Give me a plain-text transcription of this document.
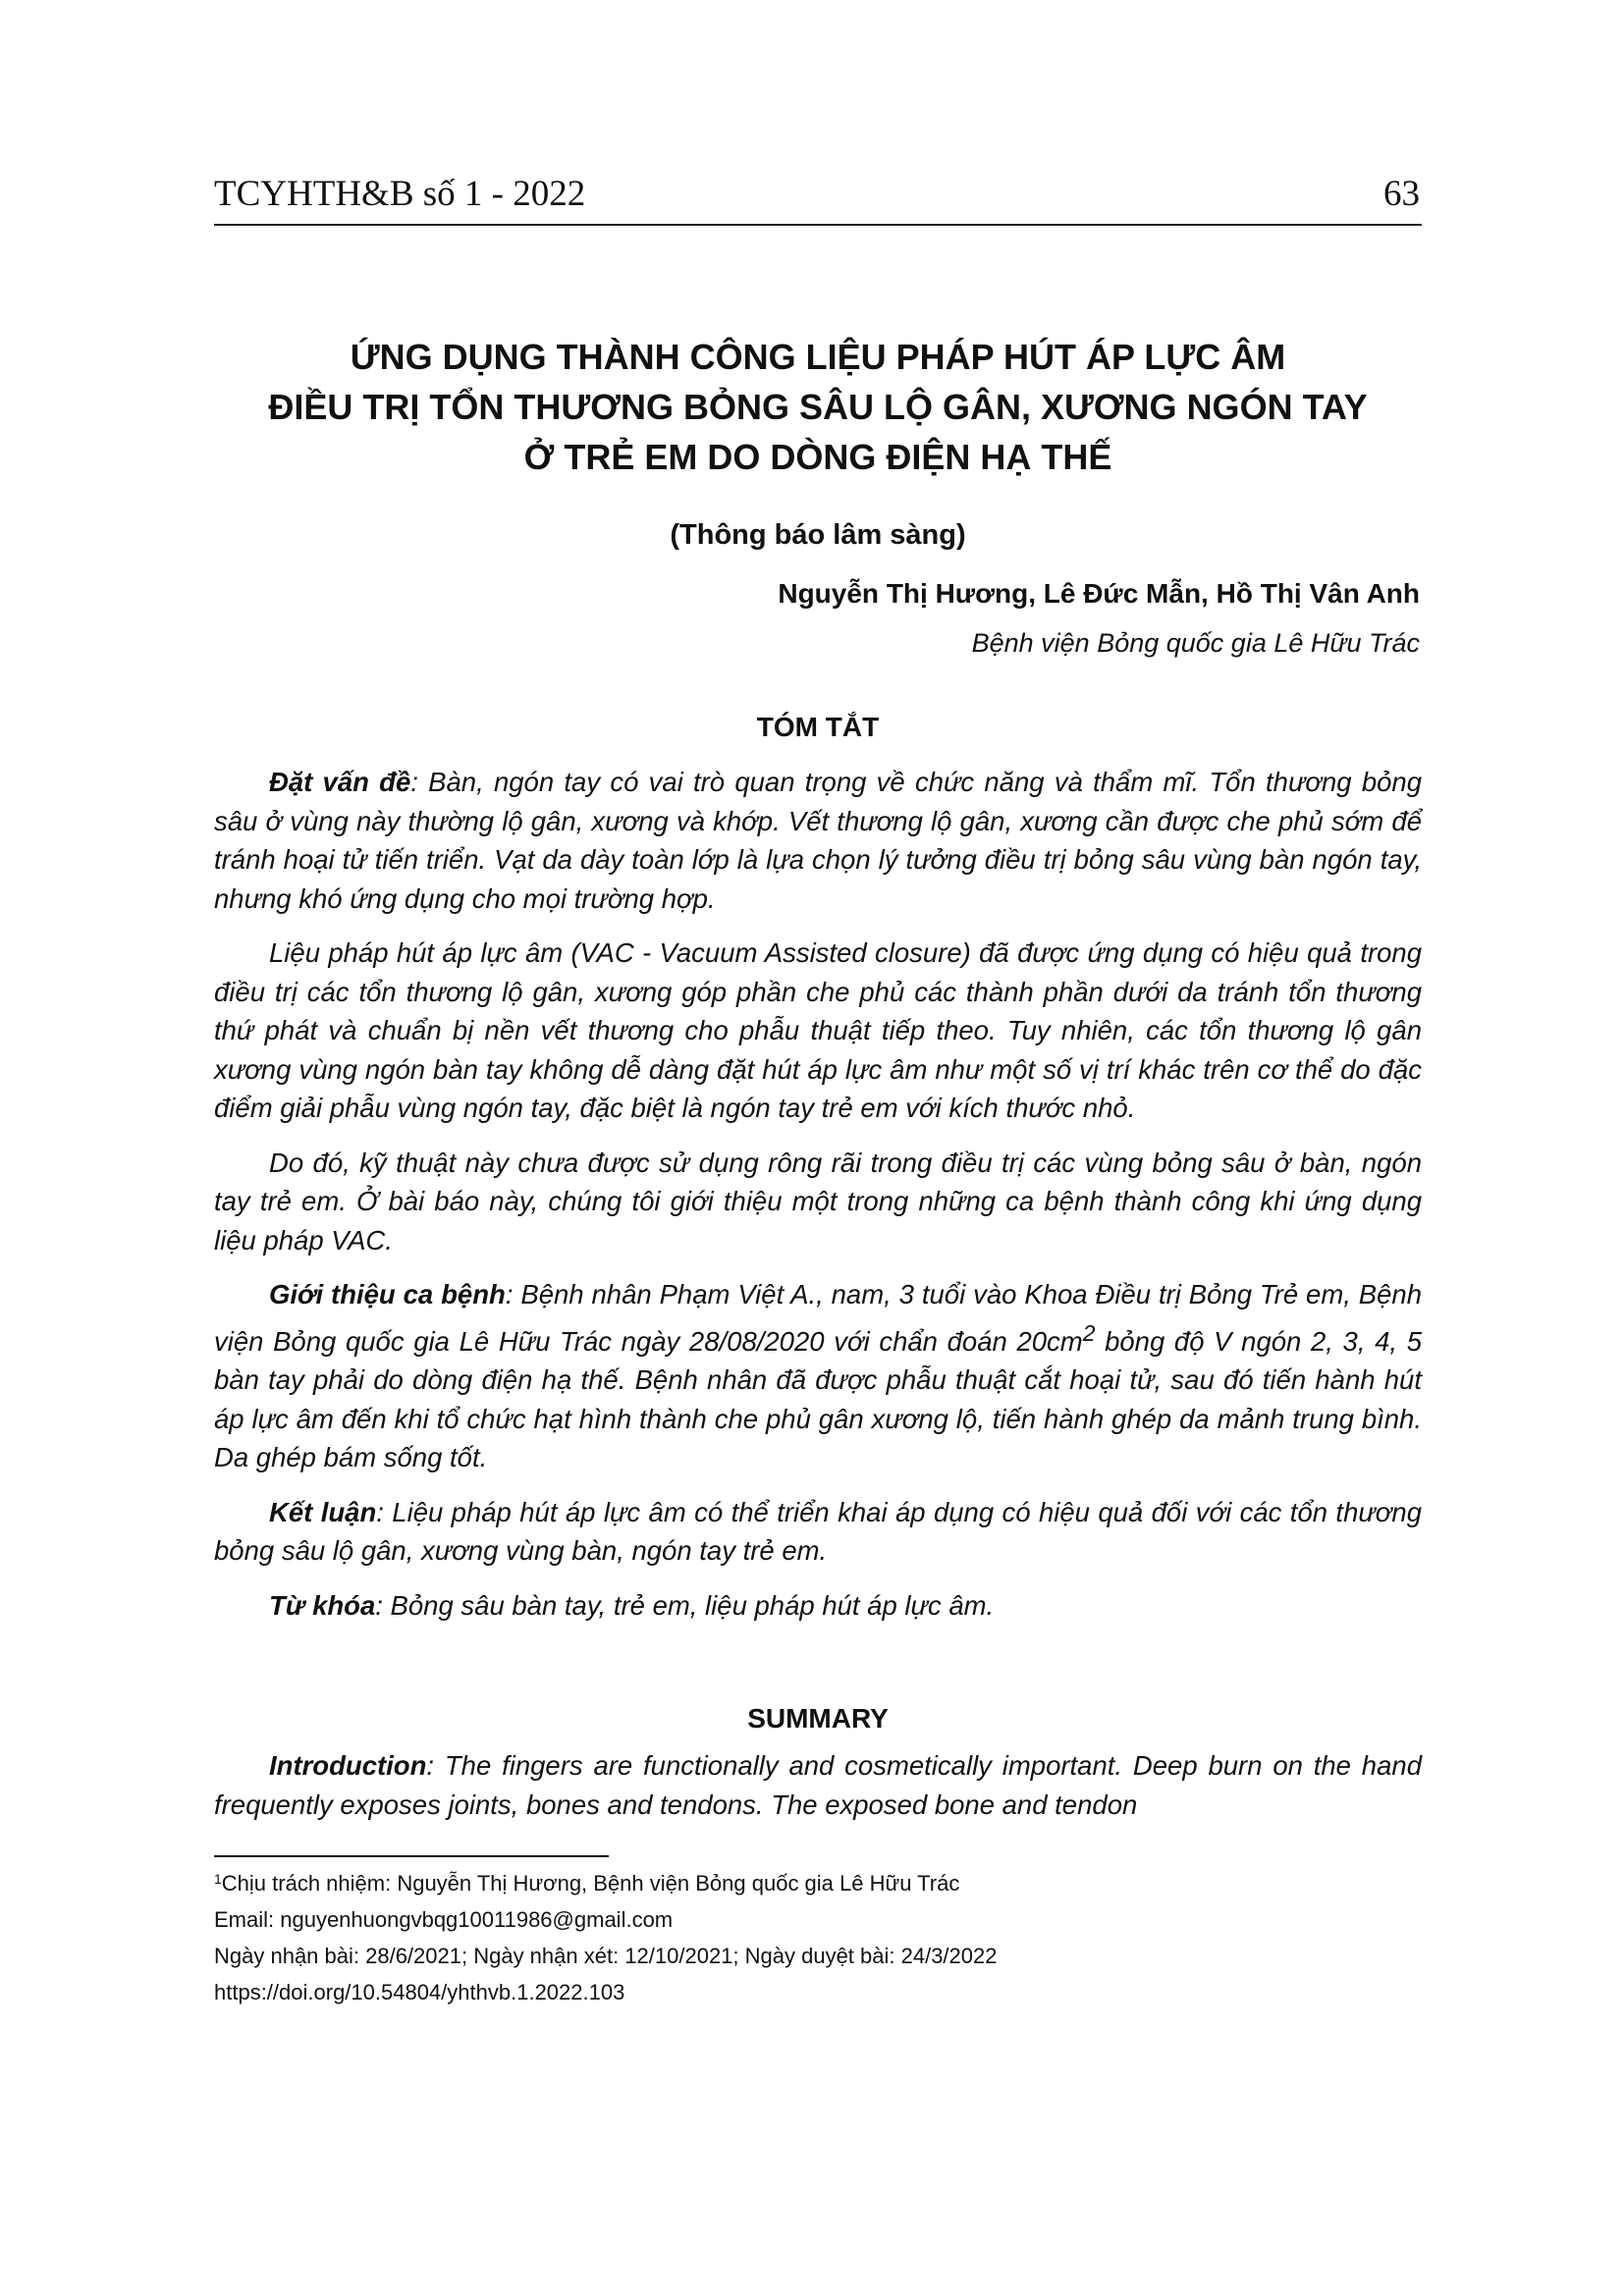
TCYHTH&B số 1 - 2022	63
ỨNG DỤNG THÀNH CÔNG LIỆU PHÁP HÚT ÁP LỰC ÂM
ĐIỀU TRỊ TỔN THƯƠNG BỎNG SÂU LỘ GÂN, XƯƠNG NGÓN TAY
Ở TRẺ EM DO DÒNG ĐIỆN HẠ THẾ
(Thông báo lâm sàng)
Nguyễn Thị Hương, Lê Đức Mẫn, Hồ Thị Vân Anh
Bệnh viện Bỏng quốc gia Lê Hữu Trác
TÓM TẮT

Đặt vấn đề: Bàn, ngón tay có vai trò quan trọng về chức năng và thẩm mĩ. Tổn thương bỏng sâu ở vùng này thường lộ gân, xương và khớp. Vết thương lộ gân, xương cần được che phủ sớm để tránh hoại tử tiến triển. Vạt da dày toàn lớp là lựa chọn lý tưởng điều trị bỏng sâu vùng bàn ngón tay, nhưng khó ứng dụng cho mọi trường hợp.

Liệu pháp hút áp lực âm (VAC - Vacuum Assisted closure) đã được ứng dụng có hiệu quả trong điều trị các tổn thương lộ gân, xương góp phần che phủ các thành phần dưới da tránh tổn thương thứ phát và chuẩn bị nền vết thương cho phẫu thuật tiếp theo. Tuy nhiên, các tổn thương lộ gân xương vùng ngón bàn tay không dễ dàng đặt hút áp lực âm như một số vị trí khác trên cơ thể do đặc điểm giải phẫu vùng ngón tay, đặc biệt là ngón tay trẻ em với kích thước nhỏ.

Do đó, kỹ thuật này chưa được sử dụng rông rãi trong điều trị các vùng bỏng sâu ở bàn, ngón tay trẻ em. Ở bài báo này, chúng tôi giới thiệu một trong những ca bệnh thành công khi ứng dụng liệu pháp VAC.

Giới thiệu ca bệnh: Bệnh nhân Phạm Việt A., nam, 3 tuổi vào Khoa Điều trị Bỏng Trẻ em, Bệnh viện Bỏng quốc gia Lê Hữu Trác ngày 28/08/2020 với chẩn đoán $20cm^2$ bỏng độ V ngón 2, 3, 4, 5 bàn tay phải do dòng điện hạ thế. Bệnh nhân đã được phẫu thuật cắt hoại tử, sau đó tiến hành hút áp lực âm đến khi tổ chức hạt hình thành che phủ gân xương lộ, tiến hành ghép da mảnh trung bình. Da ghép bám sống tốt.

Kết luận: Liệu pháp hút áp lực âm có thể triển khai áp dụng có hiệu quả đối với các tổn thương bỏng sâu lộ gân, xương vùng bàn, ngón tay trẻ em.

Từ khóa: Bỏng sâu bàn tay, trẻ em, liệu pháp hút áp lực âm.

SUMMARY

Introduction: The fingers are functionally and cosmetically important. Deep burn on the hand frequently exposes joints, bones and tendons. The exposed bone and tendon

$^1$Chịu trách nhiệm: Nguyễn Thị Hương, Bệnh viện Bỏng quốc gia Lê Hữu Trác
Email: nguyenhuongvbqg10011986@gmail.com
Ngày nhận bài: 28/6/2021; Ngày nhận xét: 12/10/2021; Ngày duyệt bài: 24/3/2022
https://doi.org/10.54804/yhthvb.1.2022.103
